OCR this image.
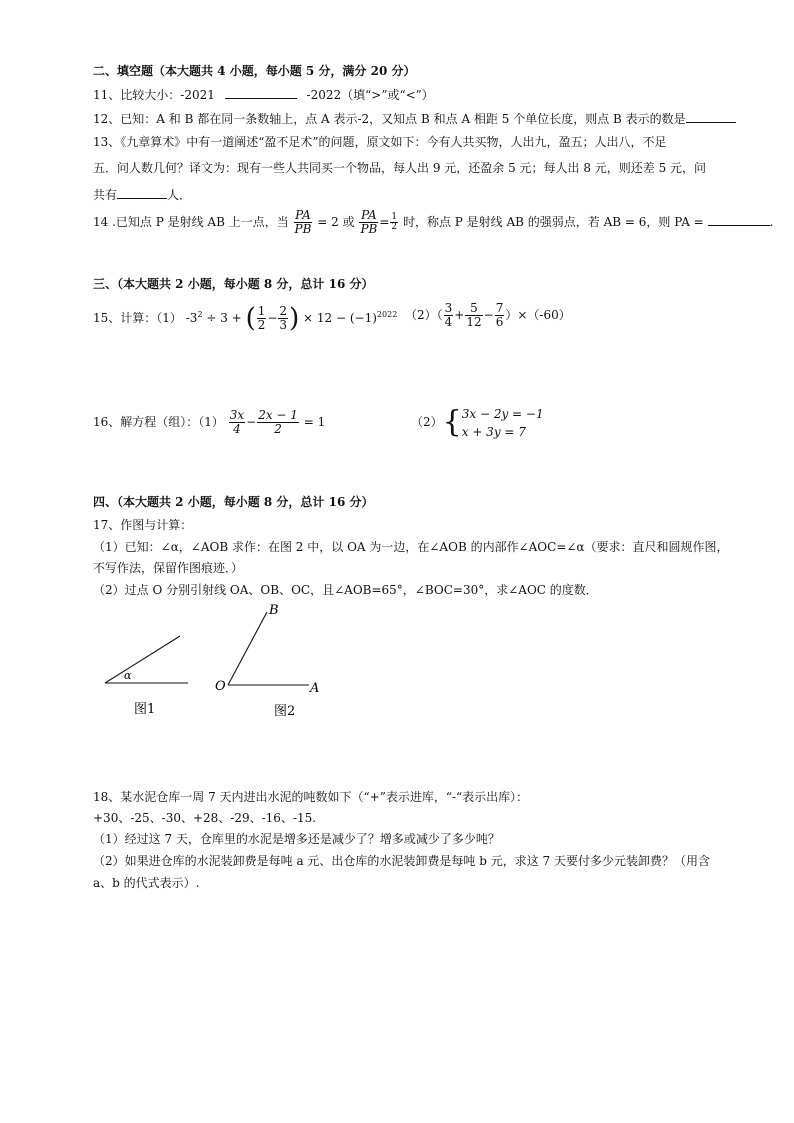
二、填空题（本大题共 4 小题，每小题 5 分，满分 20 分）
11、比较大小：-2021	-2022（填“>”或“<”）
12、已知：A 和 B 都在同一条数轴上，点 A 表示-2，又知点 B 和点 A 相距 5 个单位长度，则点 B 表示的数是
13、《九章算术》中有一道阐述“盈不足术”的问题，原文如下：今有人共买物，人出九，盈五；人出八，不足
五．问人数几何？译文为：现有一些人共同买一个物品，每人出 9 元，还盈余 5 元；每人出 8 元，则还差 5 元，问
共有	人．
14 .已知点 P 是射线 AB 上一点，当 $\frac{PA}{PB} = 2$ 或 $\frac{PA}{PB} = \frac{1}{2}$ 时，称点 P 是射线 AB 的强弱点，若 AB = 6，则 PA =	.
三、（本大题共 2 小题，每小题 8 分，总计 16 分）
15、计算：（1） $-3^2 \div 3$ + ( $\frac{1}{2} - \frac{2}{3}$ ) × $12 - (-1)^{2022}$ $(2)( \frac{3}{4} + \frac{5}{12} - \frac{7}{6} )\times(-60)$
16、解方程（组）：$(1) \frac{3x}{4} - \frac{2x - 1}{2} = 1$	（2）{ 3x − 2y = −1
x + 3y = 7
四、（本大题共 2 小题，每小题 8 分，总计 16 分）
17、作图与计算：
（1）已知：∠α，∠AOB 求作：在图 2 中，以 OA 为一边，在∠AOB 的内部作∠AOC=∠α（要求：直尺和圆规作图，
不写作法，保留作图痕迹．）
（2）过点 O 分别引射线 OA、OB、OC，且∠AOB=65°，∠BOC=30°，求∠AOC 的度数．
α
图1
B
O	A
图2
18、某水泥仓库一周 7 天内进出水泥的吨数如下（“+”表示进库，“-“表示出库）：
+30、-25、-30、+28、-29、-16、-15.
（1）经过这 7 天，仓库里的水泥是增多还是减少了？增多或减少了多少吨？
（2）如果进仓库的水泥装卸费是每吨 a 元、出仓库的水泥装卸费是每吨 b 元，求这 7 天要付多少元装卸费？（用含
a、b 的代式表示）.
